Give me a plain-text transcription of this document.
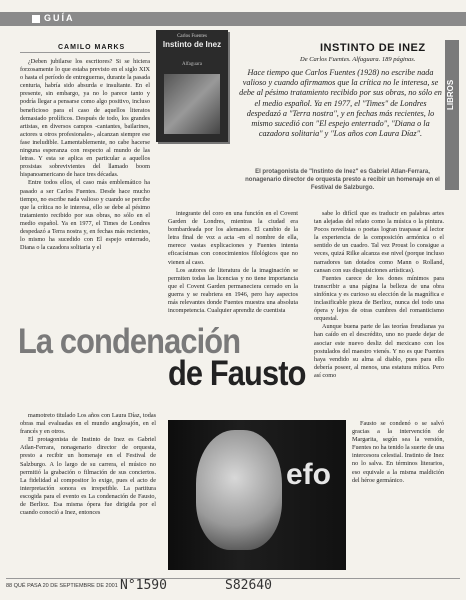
GUÍA
CAMILO MARKS
Carlos Fuentes
Instinto de Inez
Alfaguara
INSTINTO DE INEZ
De Carlos Fuentes. Alfaguara. 189 páginas.
LIBROS
Hace tiempo que Carlos Fuentes (1928) no escribe nada valioso y cuando afirmamos que la crítica no le interesa, se debe al pésimo tratamiento recibido por sus obras, no sólo en el medio español. Ya en 1977, el "Times" de Londres despedazó a "Terra nostra", y en fechas más recientes, lo mismo sucedió con "El espejo enterrado", "Diana o la cazadora solitaria" y "Los años con Laura Díaz".
El protagonista de "Instinto de Inez" es Gabriel Atlan-Ferrara, nonagenario director de orquesta presto a recibir un homenaje en el Festival de Salzburgo.

¿Deben jubilarse los escritores? Si se hiciera forzosamente lo que estaba previsto en el siglo XIX o hasta el período de entreguerras, durante la pasada centuria, habría sido absurda e insultante. En el presente, sin embargo, ya no lo parece tanto y podría llegar a pensarse como algo positivo, incluso beneficioso para el caso de aquellos literatos demasiado prolíficos. Después de todo, los grandes artistas, en diversos campos -cantantes, bailarines, actores u otros profesionales-, alcanzan siempre ese fase ineludible. Lamentablemente, no cabe hacerse ninguna esperanza con respecto al mundo de las letras. Y esta se aplica en particular a aquellos prosistas sobrevivientes del llamado boom hispanoamericano de hace tres décadas.

Entre todos ellos, el caso más emblemático ha pasado a ser Carlos Fuentes. Desde hace mucho tiempo, no escribe nada valioso y cuando se percibe que la crítica no le interesa, ello se debe al pésimo tratamiento recibido por sus obras, no sólo en el medio español. Ya en 1977, el Times de Londres despedazó a Terra nostra y, en fechas más recientes, lo mismo ha sucedido con El espejo enterrado, Diana o la cazadora solitaria y el

integrante del coro en una función en el Covent Garden de Londres, mientras la ciudad era bombardeada por los alemanes. El cambio de la letra final de voz a acta -en el nombre de ella, merece vastas explicaciones y Fuentes intenta eficacísimas con conocimientos filológicos que no vienen al caso.

Los autores de literatura de la imaginación se permiten todas las licencias y no tiene importancia que el Covent Garden permaneciera cerrado en la guerra y se reabriera en 1946, pero hay aspectos más relevantes donde Fuentes muestra una absoluta incompetencia. Cualquier aprendiz de cuentista

sabe lo difícil que es traducir en palabras artes tan alejadas del relato como la música o la pintura. Pocos novelistas o poetas logran traspasar al lector la experiencia de la composición armónica o el sentido de un cuadro. Tal vez Proust lo consigue a veces, quizá Rilke alcanza ese nivel (porque incluso narradores tan dotados como Mann o Rolland, cansan con sus disquisiciones artísticas).

Fuentes carece de los dones mínimos para transcribir a una página la belleza de una obra sinfónica y es curioso su elección de la magnífica e inclasificable pieza de Berlioz, nunca del todo una ópera y lejos de otras cumbres del romanticismo orquestal.

Aunque buena parte de las teorías freudianas ya han caído en el descrédito, uno no puede dejar de asociar este nuevo desliz del mexicano con los postulados del maestro vienés. Y no es que Fuentes haya vendido su alma al diablo, pues para ello debería poseer, al menos, una estatura mítica. Pero así como

La condenación
de Fausto

mamotreto titulado Los años con Laura Díaz, todas obras mal evaluadas en el mundo anglosajón, en el francés y en otros.

El protagonista de Instinto de Inez es Gabriel Atlan-Ferrara, nonagenario director de orquesta, presto a recibir un homenaje en el Festival de Salzburgo. A lo largo de su carrera, el músico no permitió la grabación o filmación de sus conciertos. La fidelidad al compositor lo exige, pues el acto de interpretación sonora es irrepetible. La partitura escogida para el evento es La condenación de Fausto, de Berlioz. Esa misma ópera fue dirigida por el cuando conoció a Inez, entonces

efo

Fausto se condenó o se salvó gracias a la intervención de Margarita, según sea la versión, Fuentes no ha tenido la suerte de una intercesora celestial. Instinto de Inez no lo salva. En términos literarios, eso equivale a la misma maldición del héroe germánico.

88 QUÉ PASA 20 DE SEPTIEMBRE DE 2001 N°1590	S82640
